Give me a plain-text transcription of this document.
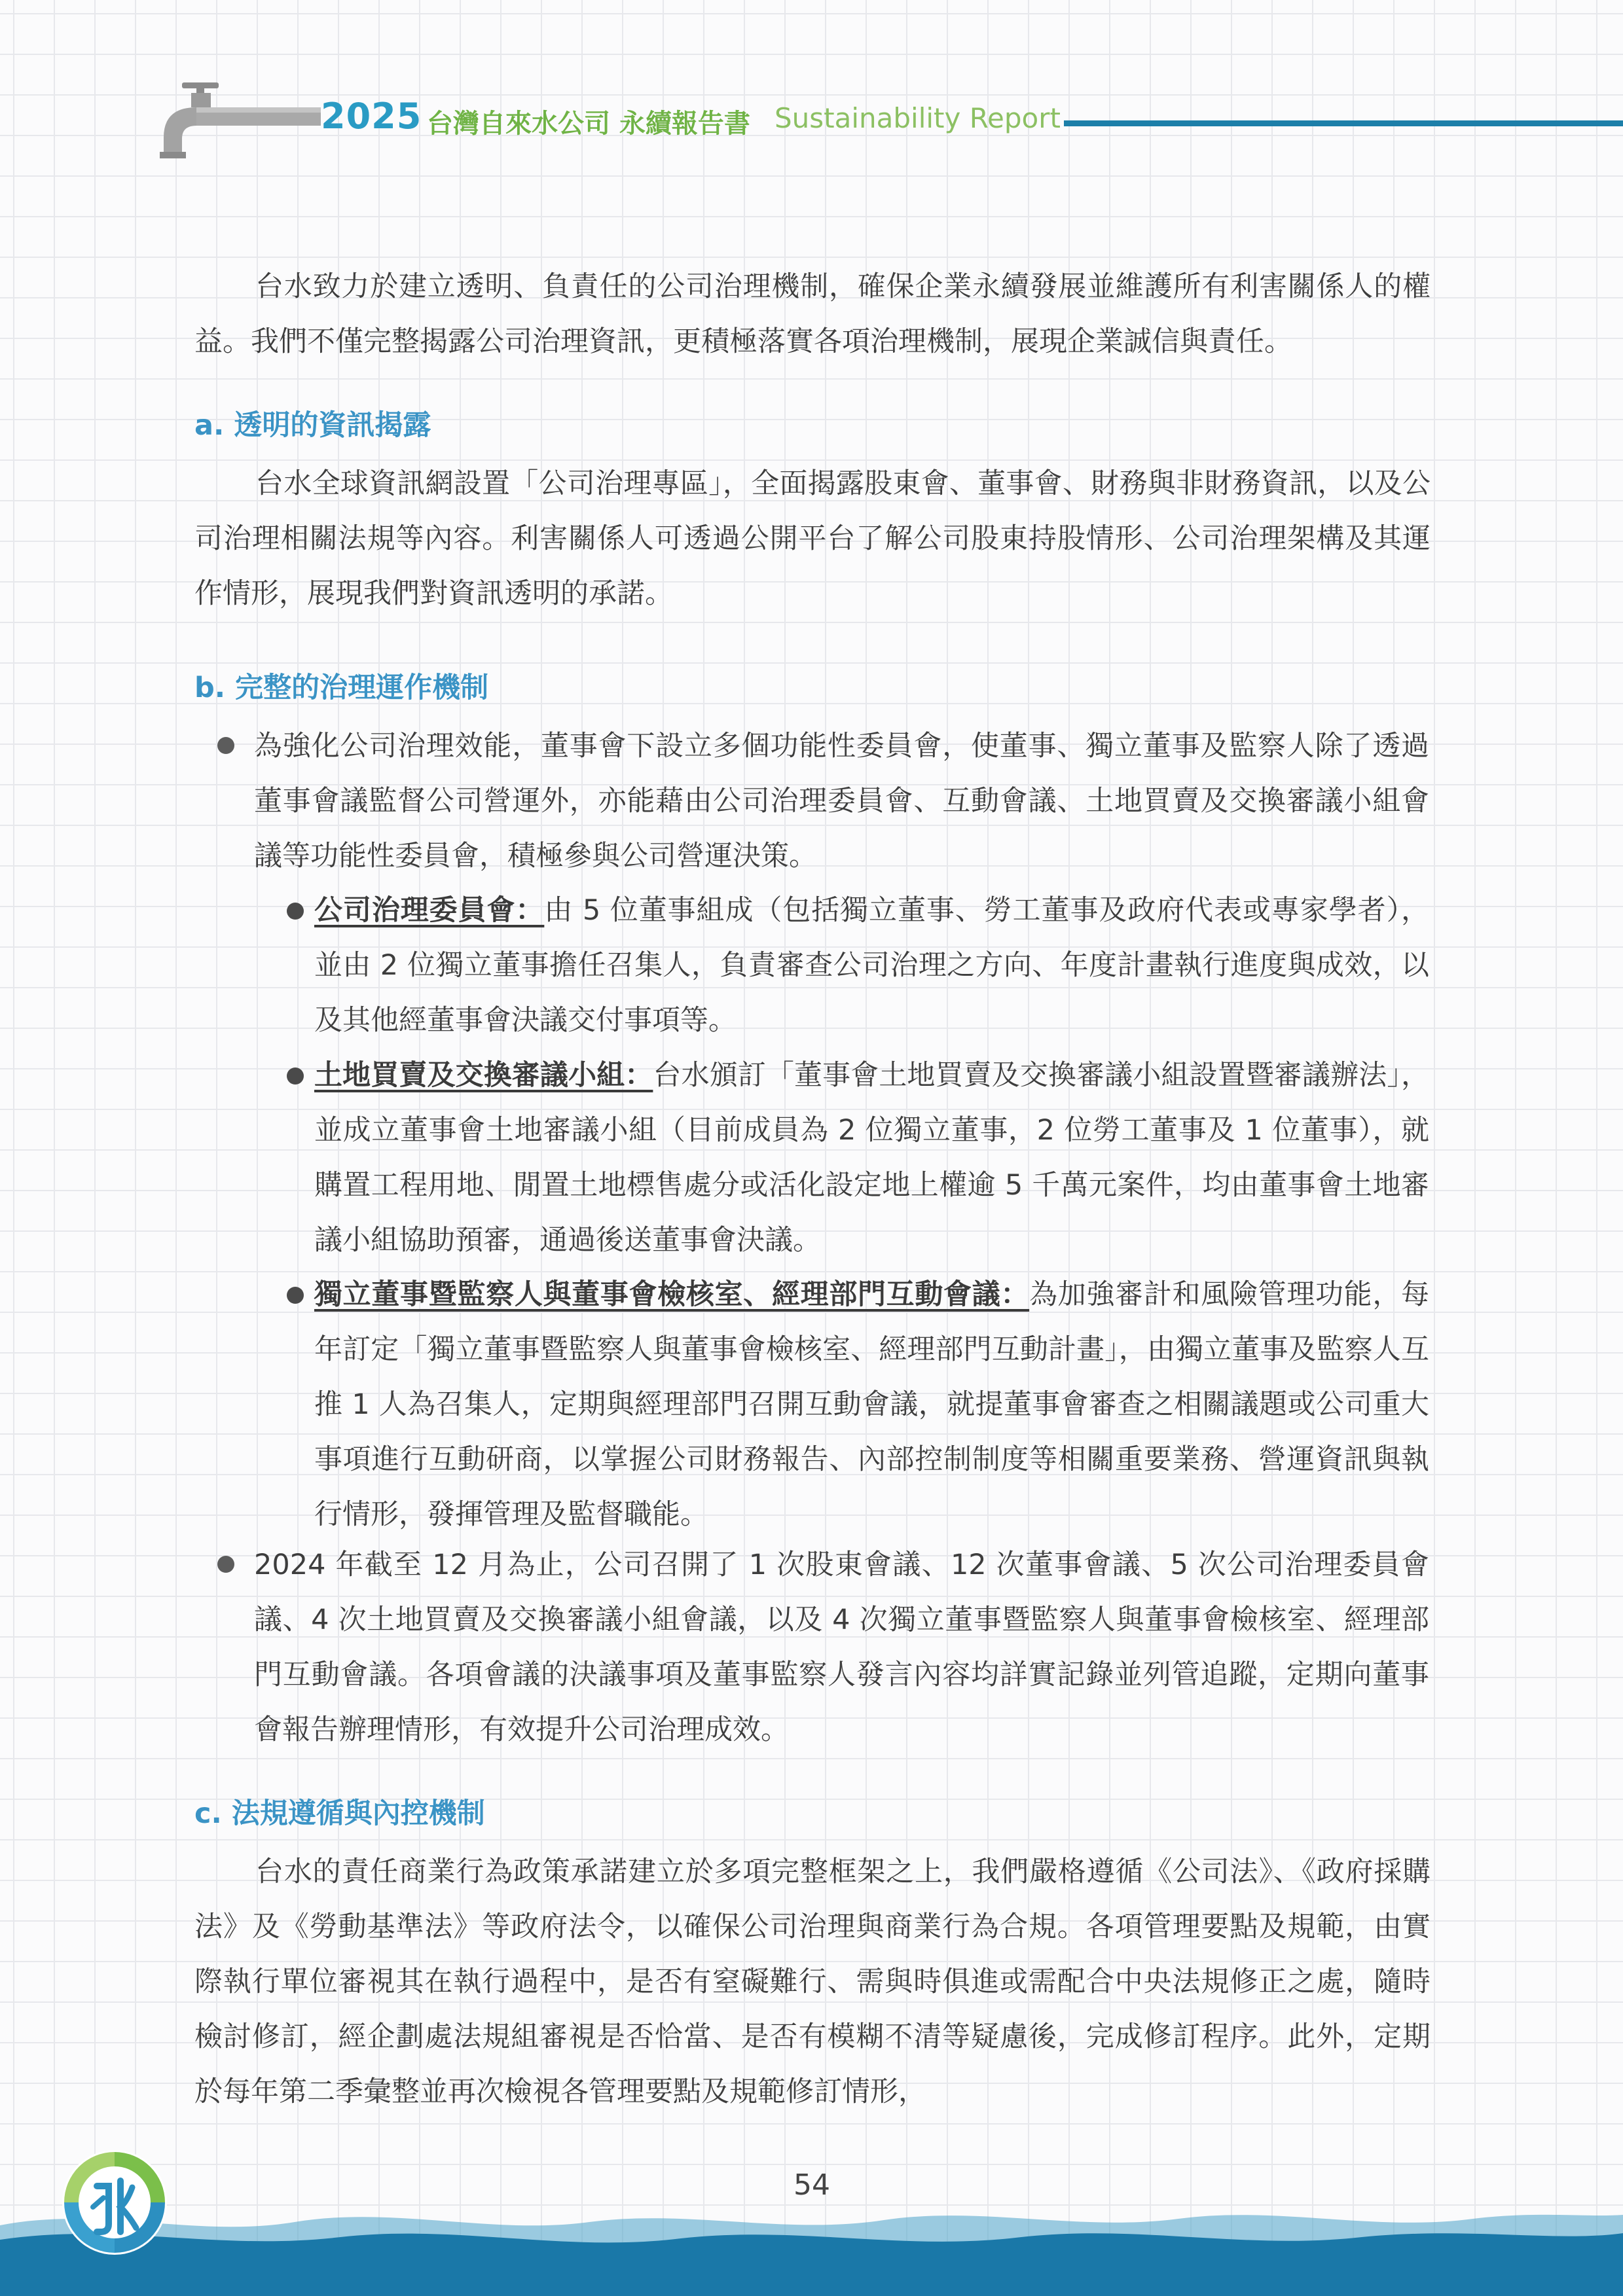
2025 台灣自來水公司 永續報告書 Sustainability Report

台水致力於建立透明、負責任的公司治理機制，確保企業永續發展並維護所有利害關係人的權益。我們不僅完整揭露公司治理資訊，更積極落實各項治理機制，展現企業誠信與責任。

a. 透明的資訊揭露

台水全球資訊網設置「公司治理專區」，全面揭露股東會、董事會、財務與非財務資訊，以及公司治理相關法規等內容。利害關係人可透過公開平台了解公司股東持股情形、公司治理架構及其運作情形，展現我們對資訊透明的承諾。

b. 完整的治理運作機制
為強化公司治理效能，董事會下設立多個功能性委員會，使董事、獨立董事及監察人除了透過董事會議監督公司營運外，亦能藉由公司治理委員會、互動會議、土地買賣及交換審議小組會議等功能性委員會，積極參與公司營運決策。
公司治理委員會：由 5 位董事組成（包括獨立董事、勞工董事及政府代表或專家學者），並由 2 位獨立董事擔任召集人，負責審查公司治理之方向、年度計畫執行進度與成效，以及其他經董事會決議交付事項等。
土地買賣及交換審議小組：台水頒訂「董事會土地買賣及交換審議小組設置暨審議辦法」，並成立董事會土地審議小組（目前成員為 2 位獨立董事，2 位勞工董事及 1 位董事），就購置工程用地、閒置土地標售處分或活化設定地上權逾 5 千萬元案件，均由董事會土地審議小組協助預審，通過後送董事會決議。
獨立董事暨監察人與董事會檢核室、經理部門互動會議：為加強審計和風險管理功能，每年訂定「獨立董事暨監察人與董事會檢核室、經理部門互動計畫」，由獨立董事及監察人互推 1 人為召集人，定期與經理部門召開互動會議，就提董事會審查之相關議題或公司重大事項進行互動研商，以掌握公司財務報告、內部控制制度等相關重要業務、營運資訊與執行情形，發揮管理及監督職能。
2024 年截至 12 月為止，公司召開了 1 次股東會議、12 次董事會議、5 次公司治理委員會議、4 次土地買賣及交換審議小組會議，以及 4 次獨立董事暨監察人與董事會檢核室、經理部門互動會議。各項會議的決議事項及董事監察人發言內容均詳實記錄並列管追蹤，定期向董事會報告辦理情形，有效提升公司治理成效。
c. 法規遵循與內控機制

台水的責任商業行為政策承諾建立於多項完整框架之上，我們嚴格遵循《公司法》、《政府採購法》及《勞動基準法》等政府法令，以確保公司治理與商業行為合規。各項管理要點及規範，由實際執行單位審視其在執行過程中，是否有窒礙難行、需與時俱進或需配合中央法規修正之處，隨時檢討修訂，經企劃處法規組審視是否恰當、是否有模糊不清等疑慮後，完成修訂程序。此外，定期於每年第二季彙整並再次檢視各管理要點及規範修訂情形，

54
